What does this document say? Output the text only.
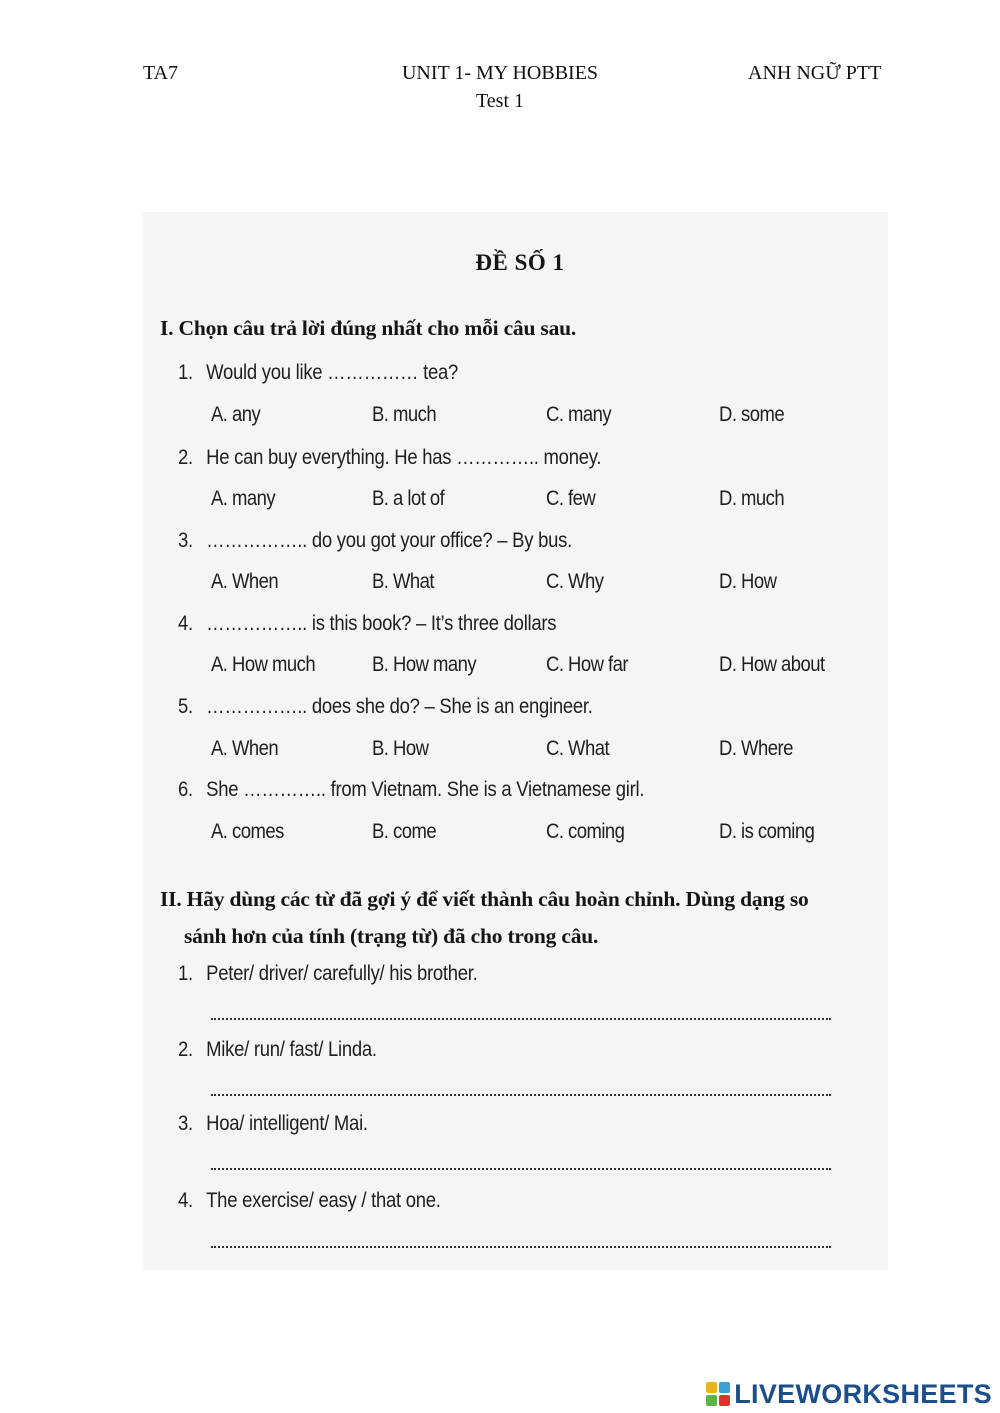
TA7	UNIT 1- MY HOBBIES	ANH NGỮ PTT
Test 1
ĐỀ SỐ 1
I. Chọn câu trả lời đúng nhất cho mỗi câu sau.
1. Would you like …………… tea?
A. any	B. much	C. many	D. some
2. He can buy everything. He has ………….. money.
A. many	B. a lot of	C. few	D. much
3. …………….. do you got your office? – By bus.
A. When	B. What	C. Why	D. How
4. …………….. is this book? – It’s three dollars
A. How much	B. How many	C. How far	D. How about
5. …………….. does she do? – She is an engineer.
A. When	B. How	C. What	D. Where
6. She ………….. from Vietnam. She is a Vietnamese girl.
A. comes	B. come	C. coming	D. is coming
II. Hãy dùng các từ đã gợi ý để viết thành câu hoàn chỉnh. Dùng dạng so
sánh hơn của tính (trạng từ) đã cho trong câu.
1. Peter/ driver/ carefully/ his brother.
2. Mike/ run/ fast/ Linda.
3. Hoa/ intelligent/ Mai.
4. The exercise/ easy / that one.
LIVEWORKSHEETS
